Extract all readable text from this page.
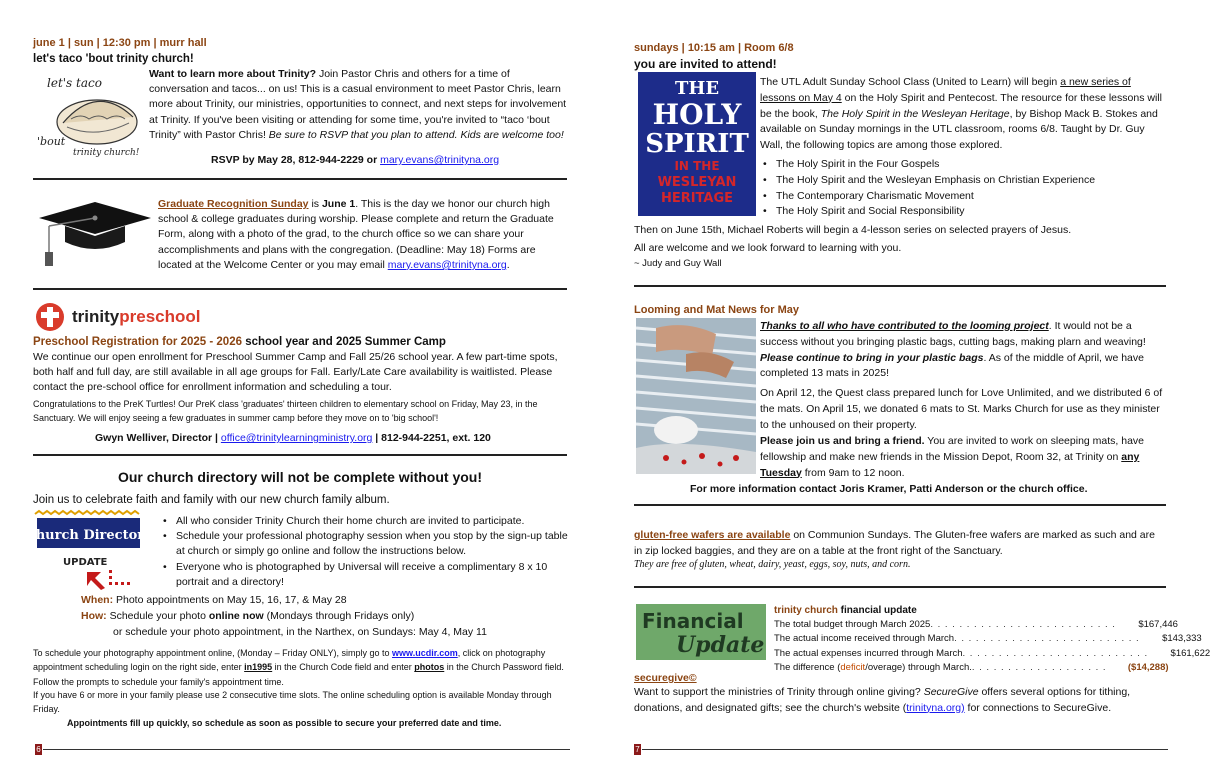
june 1 | sun | 12:30 pm | murr hall
let's taco 'bout trinity church!
let's taco
'bout
trinity church!
Want to learn more about Trinity? Join Pastor Chris and others for a time of conversation and tacos... on us! This is a casual environment to meet Pastor Chris, learn more about Trinity, our ministries, opportunities to connect, and next steps for involvement at Trinity. If you've been visiting or attending for some time, you're invited to “taco ‘bout Trinity” with Pastor Chris! Be sure to RSVP that you plan to attend. Kids are welcome too!
RSVP by May 28, 812-944-2229 or mary.evans@trinityna.org
Graduate Recognition Sunday is June 1. This is the day we honor our church high school & college graduates during worship. Please complete and return the Graduate Form, along with a photo of the grad, to the church office so we can share your accomplishments and plans with the congregation. (Deadline: May 18) Forms are located at the Welcome Center or you may email mary.evans@trinityna.org.
trinity preschool
Preschool Registration for 2025 - 2026 school year and 2025 Summer Camp
We continue our open enrollment for Preschool Summer Camp and Fall 25/26 school year. A few part-time spots, both half and full day, are still available in all age groups for Fall. Early/Late Care availability is waitlisted. Please contact the pre-school office for enrollment information and scheduling a tour.
Congratulations to the PreK Turtles! Our PreK class 'graduates' thirteen children to elementary school on Friday, May 23, in the Sanctuary. We will enjoy seeing a few graduates in summer camp before they move on to 'big school'!
Gwyn Welliver, Director | office@trinitylearningministry.org | 812-944-2251, ext. 120
Our church directory will not be complete without you!
Join us to celebrate faith and family with our new church family album.
Church Directory
UPDATE
• All who consider Trinity Church their home church are invited to participate.
• Schedule your professional photography session when you stop by the sign-up table at church or simply go online and follow the instructions below.
• Everyone who is photographed by Universal will receive a complimentary 8 x 10 portrait and a directory!
When: Photo appointments on May 15, 16, 17, & May 28
How: Schedule your photo online now (Mondays through Fridays only)
or schedule your photo appointment, in the Narthex, on Sundays: May 4, May 11
To schedule your photography appointment online, (Monday – Friday ONLY), simply go to www.ucdir.com, click on photography appointment scheduling login on the right side, enter in1995 in the Church Code field and enter photos in the Church Password field. Follow the prompts to schedule your family's appointment time.
If you have 6 or more in your family please use 2 consecutive time slots. The online scheduling option is available Monday through Friday.
Appointments fill up quickly, so schedule as soon as possible to secure your preferred date and time.
6
sundays | 10:15 am | Room 6/8
you are invited to attend!
THE
HOLY
SPIRIT
IN THE
WESLEYAN
HERITAGE
The UTL Adult Sunday School Class (United to Learn) will begin a new series of lessons on May 4 on the Holy Spirit and Pentecost. The resource for these lessons will be the book, The Holy Spirit in the Wesleyan Heritage, by Bishop Mack B. Stokes and available on Sunday mornings in the UTL classroom, rooms 6/8. Taught by Dr. Guy Wall, the following topics are among those explored.
• The Holy Spirit in the Four Gospels
• The Holy Spirit and the Wesleyan Emphasis on Christian Experience
• The Contemporary Charismatic Movement
• The Holy Spirit and Social Responsibility
Then on June 15th, Michael Roberts will begin a 4-lesson series on selected prayers of Jesus.
All are welcome and we look forward to learning with you.
~ Judy and Guy Wall
Looming and Mat News for May
Thanks to all who have contributed to the looming project. It would not be a success without you bringing plastic bags, cutting bags, making plarn and weaving! Please continue to bring in your plastic bags. As of the middle of April, we have completed 13 mats in 2025!
On April 12, the Quest class prepared lunch for Love Unlimited, and we distributed 6 of the mats. On April 15, we donated 6 mats to St. Marks Church for use as they minister to the unhoused on their property.
Please join us and bring a friend. You are invited to work on sleeping mats, have fellowship and make new friends in the Mission Depot, Room 32, at Trinity on any Tuesday from 9am to 12 noon.
For more information contact Joris Kramer, Patti Anderson or the church office.
gluten-free wafers are available on Communion Sundays. The Gluten-free wafers are marked as such and are in zip locked baggies, and they are on a table at the front right of the Sanctuary.
They are free of gluten, wheat, dairy, yeast, eggs, soy, nuts, and corn.
Financial
Update
trinity church financial update
The total budget through March 2025 . . . . . . . . . . . . . . . . . . . . . . . . . .	$167,446
The actual income received through March . . . . . . . . . . . . . . . . . . . . . . . . . .	$143,333
The actual expenses incurred through March . . . . . . . . . . . . . . . . . . . . . . . . . .	$161,622
The difference (deficit/overage) through March. . . . . . . . . . . . . . . . . . . .	($14,288)
securegive©
Want to support the ministries of Trinity through online giving? SecureGive offers several options for tithing, donations, and designated gifts; see the church's website (trinityna.org) for connections to SecureGive.
7
